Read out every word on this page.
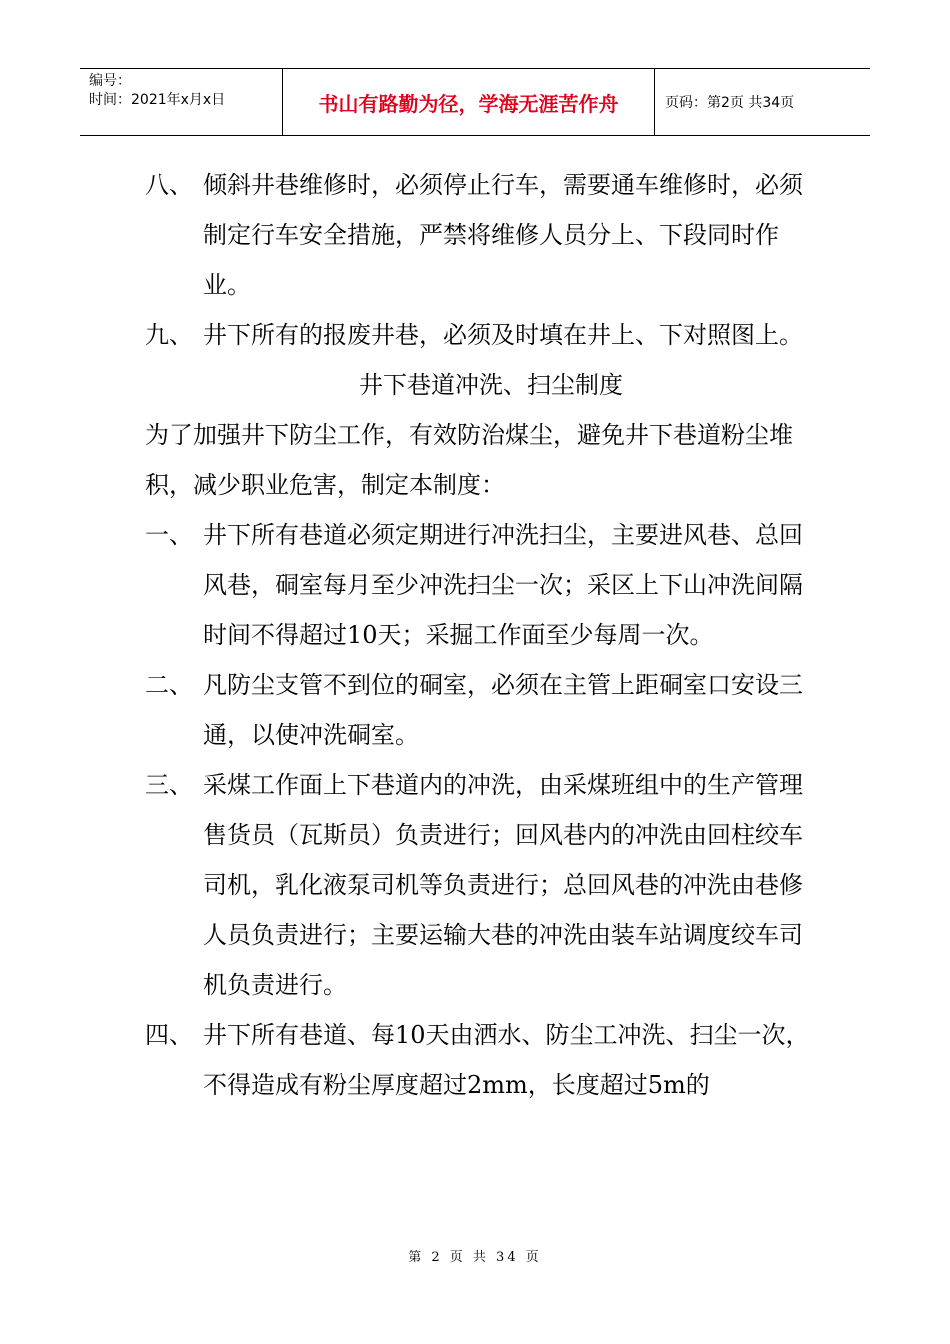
编号：
时间：2021年x月x日	书山有路勤为径，学海无涯苦作舟	页码：第2页 共34页
八、 倾斜井巷维修时，必须停止行车，需要通车维修时，必须制定行车安全措施，严禁将维修人员分上、下段同时作业。
九、 井下所有的报废井巷，必须及时填在井上、下对照图上。
井下巷道冲洗、扫尘制度
为了加强井下防尘工作，有效防治煤尘，避免井下巷道粉尘堆积，减少职业危害，制定本制度：
一、 井下所有巷道必须定期进行冲洗扫尘，主要进风巷、总回风巷，硐室每月至少冲洗扫尘一次；采区上下山冲洗间隔时间不得超过10天；采掘工作面至少每周一次。
二、 凡防尘支管不到位的硐室，必须在主管上距硐室口安设三通，以使冲洗硐室。
三、 采煤工作面上下巷道内的冲洗，由采煤班组中的生产管理售货员（瓦斯员）负责进行；回风巷内的冲洗由回柱绞车司机，乳化液泵司机等负责进行；总回风巷的冲洗由巷修人员负责进行；主要运输大巷的冲洗由装车站调度绞车司机负责进行。
四、 井下所有巷道、每10天由洒水、防尘工冲洗、扫尘一次，不得造成有粉尘厚度超过2mm，长度超过5m的
第 2 页 共 34 页
